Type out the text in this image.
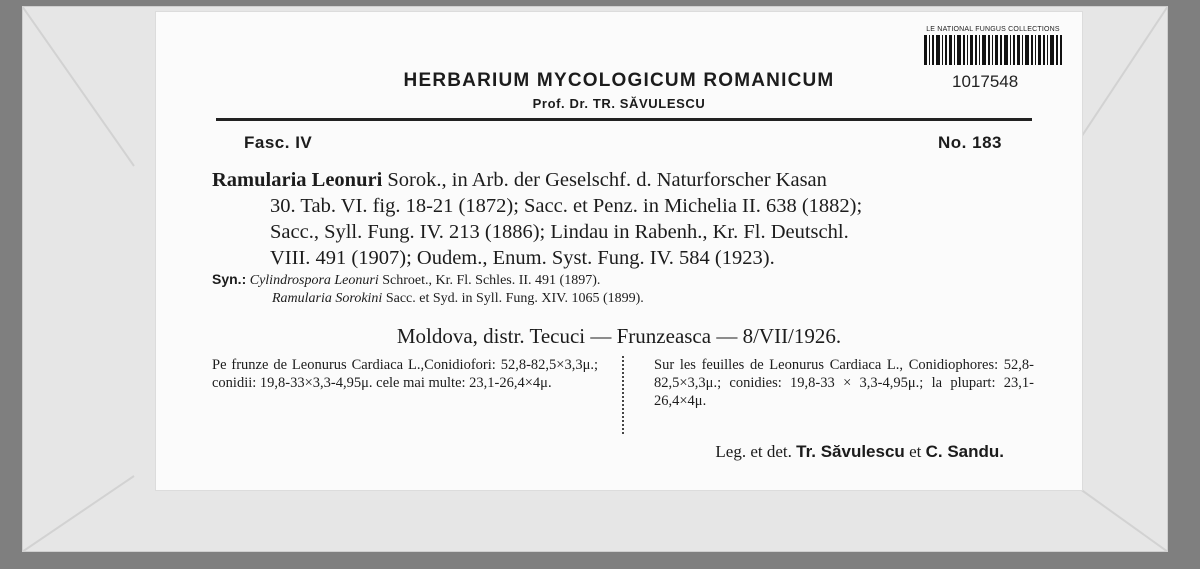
LE NATIONAL FUNGUS COLLECTIONS
1017548
HERBARIUM MYCOLOGICUM ROMANICUM
Prof. Dr. TR. SĂVULESCU
Fasc. IV	No. 183
Ramularia Leonuri Sorok., in Arb. der Geselschf. d. Naturforscher Kasan
30. Tab. VI. fig. 18-21 (1872); Sacc. et Penz. in Michelia II. 638 (1882);
Sacc., Syll. Fung. IV. 213 (1886); Lindau in Rabenh., Kr. Fl. Deutschl.
VIII. 491 (1907); Oudem., Enum. Syst. Fung. IV. 584 (1923).
Syn.: Cylindrospora Leonuri Schroet., Kr. Fl. Schles. II. 491 (1897).
Ramularia Sorokini Sacc. et Syd. in Syll. Fung. XIV. 1065 (1899).
Moldova, distr. Tecuci — Frunzeasca — 8/VII/1926.

Pe frunze de Leonurus Cardiaca L.,Conidiofori: 52,8-82,5×3,3μ.; conidii: 19,8-33×3,3-4,95μ. cele mai multe: 23,1-26,4×4μ.

Sur les feuilles de Leonurus Cardiaca L., Conidiophores: 52,8-82,5×3,3μ.; conidies: 19,8-33 × 3,3-4,95μ.; la plupart: 23,1-26,4×4μ.

Leg. et det. Tr. Săvulescu et C. Sandu.
